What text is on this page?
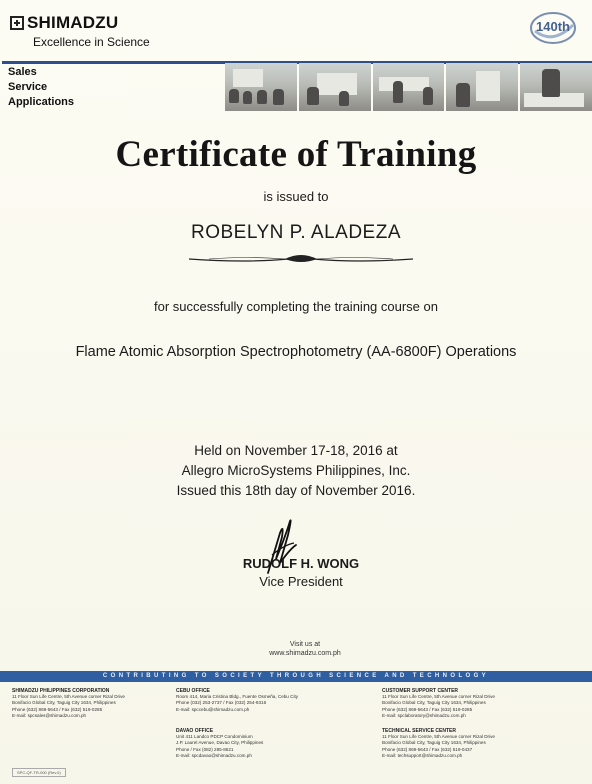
SHIMADZU
Excellence in Science
140th
Sales
Service
Applications
Certificate of Training
is issued to
ROBELYN P. ALADEZA
for successfully completing the training course on
Flame Atomic Absorption Spectrophotometry (AA-6800F) Operations
Held on November 17-18, 2016 at
Allegro MicroSystems Philippines, Inc.
Issued this 18th day of November 2016.
RUDOLF H. WONG
Vice President
Visit us at
www.shimadzu.com.ph
CONTRIBUTING TO SOCIETY THROUGH SCIENCE AND TECHNOLOGY
SHIMADZU PHILIPPINES CORPORATION
11 Floor Sun Life Centre, 5th Avenue corner Rizal Drive
Bonifacio Global City, Taguig City 1634, Philippines
Phone (632) 869-5643 / Fax (632) 519-0285
E-mail: spcsales@shimadzu.com.ph
CEBU OFFICE
Room 414, Maria Cristina Bldg., Fuente Osmeña, Cebu City
Phone (032) 253-2737 / Fax (032) 254-9316
E-mail: spccebu@shimadzu.com.ph
DAVAO OFFICE
Unit 411 Landco PDCP Condominium
J.P. Laurel Avenue, Davao City, Philippines
Phone / Fax (082) 285-8621
E-mail: spcdavao@shimadzu.com.ph
CUSTOMER SUPPORT CENTER
11 Floor Sun Life Centre, 5th Avenue corner Rizal Drive
Bonifacio Global City, Taguig City 1634, Philippines
Phone (632) 869-5643 / Fax (632) 519-0285
E-mail: spclaboratory@shimadzu.com.ph
TECHNICAL SERVICE CENTER
11 Floor Sun Life Centre, 5th Avenue corner Rizal Drive
Bonifacio Global City, Taguig City 1634, Philippines
Phone (632) 869-5643 / Fax (632) 519-0437
E-mail: techsupport@shimadzu.com.ph
SPC-QF-TR-000 (Rev.0)
